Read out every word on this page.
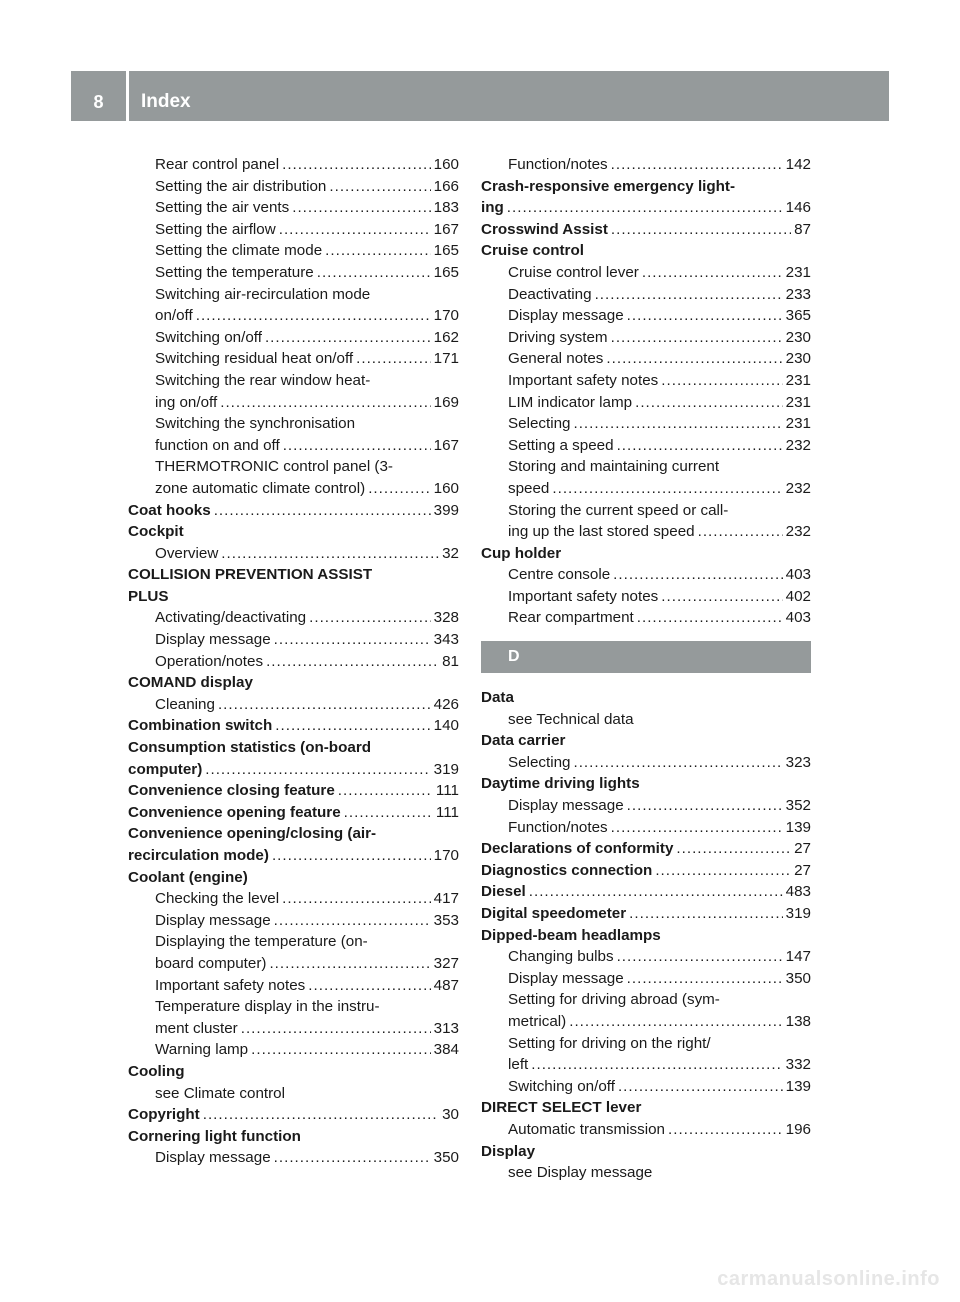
8	Index
Rear control panel .....	160
Setting the air distribution .....	166
Setting the air vents .....	183
Setting the airflow .....	167
Setting the climate mode .....	165
Setting the temperature .....	165
Switching air-recirculation mode
on/off .....	170
Switching on/off .....	162
Switching residual heat on/off .....	171
Switching the rear window heat-
ing on/off .....	169
Switching the synchronisation
function on and off .....	167
THERMOTRONIC control panel (3-
zone automatic climate control) .....	160
Coat hooks .....	399
Cockpit
Overview .....	32
COLLISION PREVENTION ASSIST
PLUS
Activating/deactivating .....	328
Display message .....	343
Operation/notes .....	81
COMAND display
Cleaning .....	426
Combination switch .....	140
Consumption statistics (on-board
computer) .....	319
Convenience closing feature .....	111
Convenience opening feature .....	111
Convenience opening/closing (air-
recirculation mode) .....	170
Coolant (engine)
Checking the level .....	417
Display message .....	353
Displaying the temperature (on-
board computer) .....	327
Important safety notes .....	487
Temperature display in the instru-
ment cluster .....	313
Warning lamp .....	384
Cooling
see Climate control
Copyright .....	30
Cornering light function
Display message .....	350
Function/notes .....	142
Crash-responsive emergency light-
ing .....	146
Crosswind Assist .....	87
Cruise control
Cruise control lever .....	231
Deactivating .....	233
Display message .....	365
Driving system .....	230
General notes .....	230
Important safety notes .....	231
LIM indicator lamp .....	231
Selecting .....	231
Setting a speed .....	232
Storing and maintaining current
speed .....	232
Storing the current speed or call-
ing up the last stored speed .....	232
Cup holder
Centre console .....	403
Important safety notes .....	402
Rear compartment .....	403
D
Data
see Technical data
Data carrier
Selecting .....	323
Daytime driving lights
Display message .....	352
Function/notes .....	139
Declarations of conformity .....	27
Diagnostics connection .....	27
Diesel .....	483
Digital speedometer .....	319
Dipped-beam headlamps
Changing bulbs .....	147
Display message .....	350
Setting for driving abroad (sym-
metrical) .....	138
Setting for driving on the right/
left .....	332
Switching on/off .....	139
DIRECT SELECT lever
Automatic transmission .....	196
Display
see Display message
carmanualsonline.info
